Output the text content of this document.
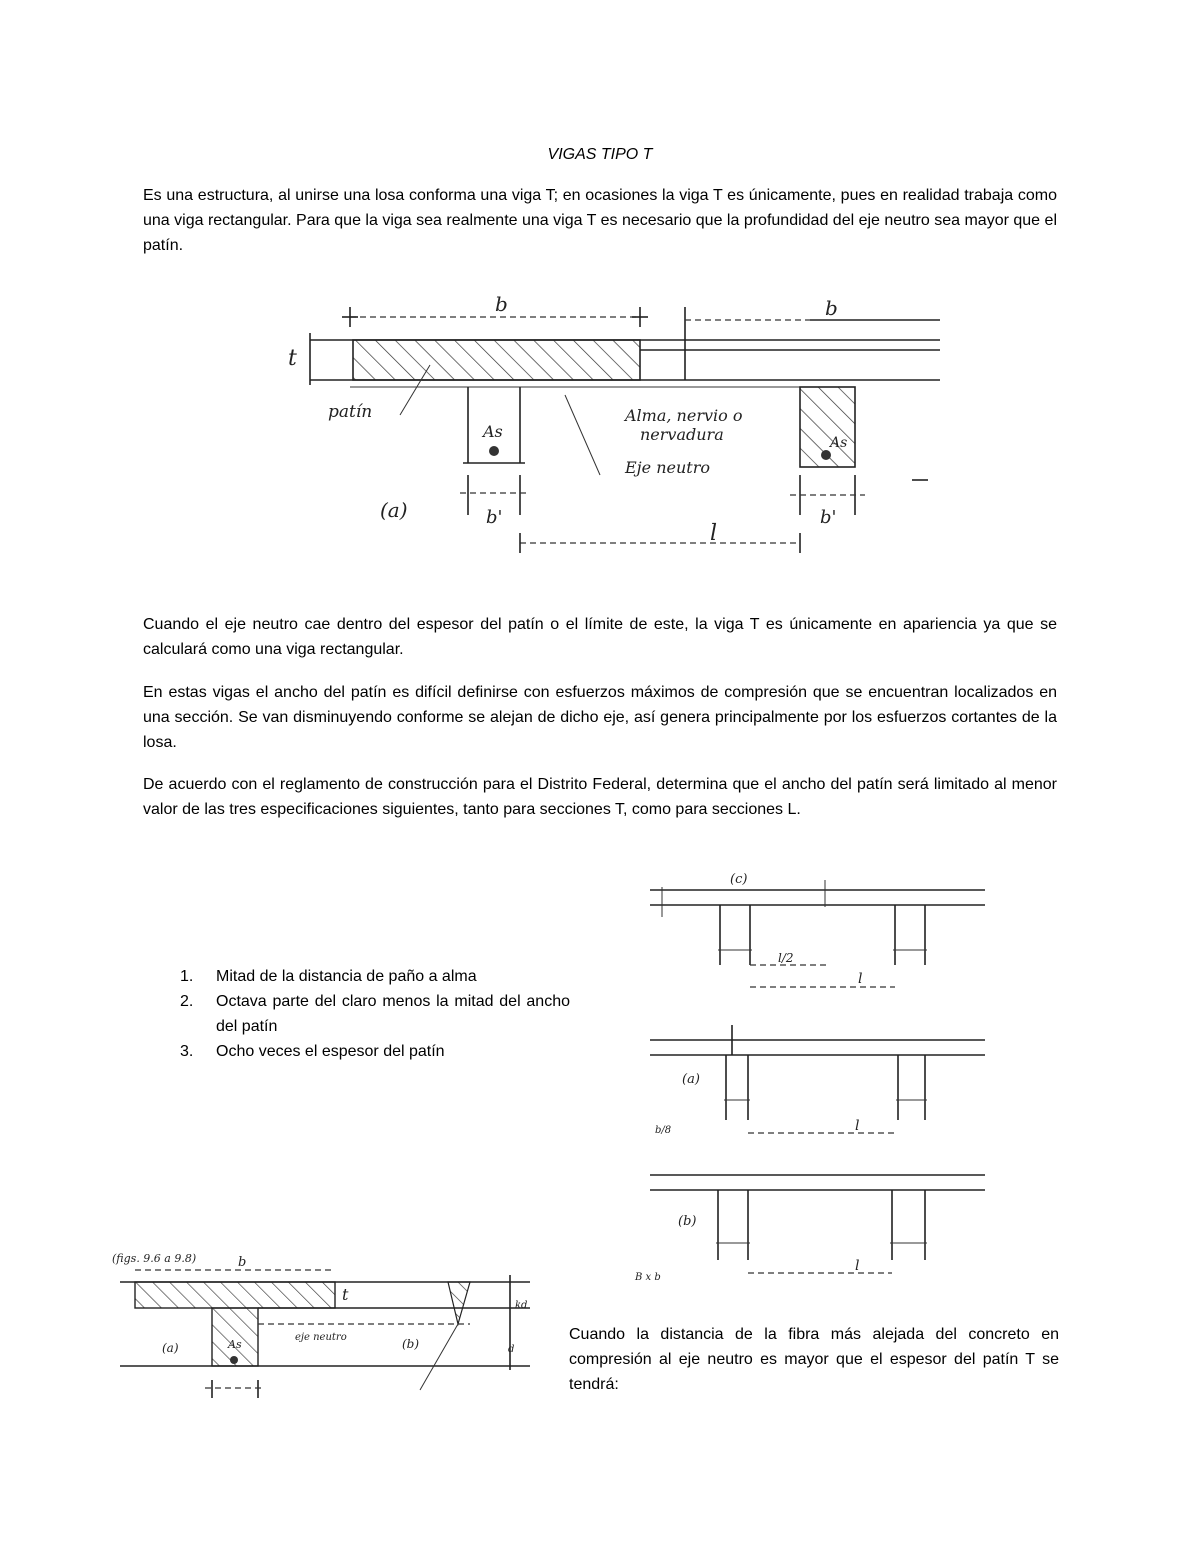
VIGAS TIPO T

Es una estructura, al unirse una losa conforma una viga T; en ocasiones la viga T es únicamente, pues en realidad trabaja como una viga rectangular. Para que la viga sea realmente una viga T es necesario que la profundidad del eje neutro sea mayor que el patín.

b
t
As
patín
(a)	b'
l
Eje neutro
Alma, nervio o
nervadura
b
As
b'

Cuando el eje neutro cae dentro del espesor del patín o el límite de este, la viga T es únicamente en apariencia ya que se calculará como una viga rectangular.

En estas vigas el ancho del patín es difícil definirse con esfuerzos máximos de compresión que se encuentran localizados en una sección. Se van disminuyendo conforme se alejan de dicho eje, así genera principalmente por los esfuerzos cortantes de la losa.

De acuerdo con el reglamento de construcción para el Distrito Federal, determina que el ancho del patín será limitado al menor valor de las tres especificaciones siguientes, tanto para secciones T, como para secciones L.

1. Mitad de la distancia de paño a alma
2. Octava parte del claro menos la mitad del ancho del patín
3. Ocho veces el espesor del patín
(c)
l/2
l
(a)
l
b/8
(b)
l
B x b
(figs. 9.6 a 9.8)	b
t
eje neutro
(a)	(b)
kd
d
As

Cuando la distancia de la fibra más alejada del concreto en compresión al eje neutro es mayor que el espesor del patín T se tendrá:
